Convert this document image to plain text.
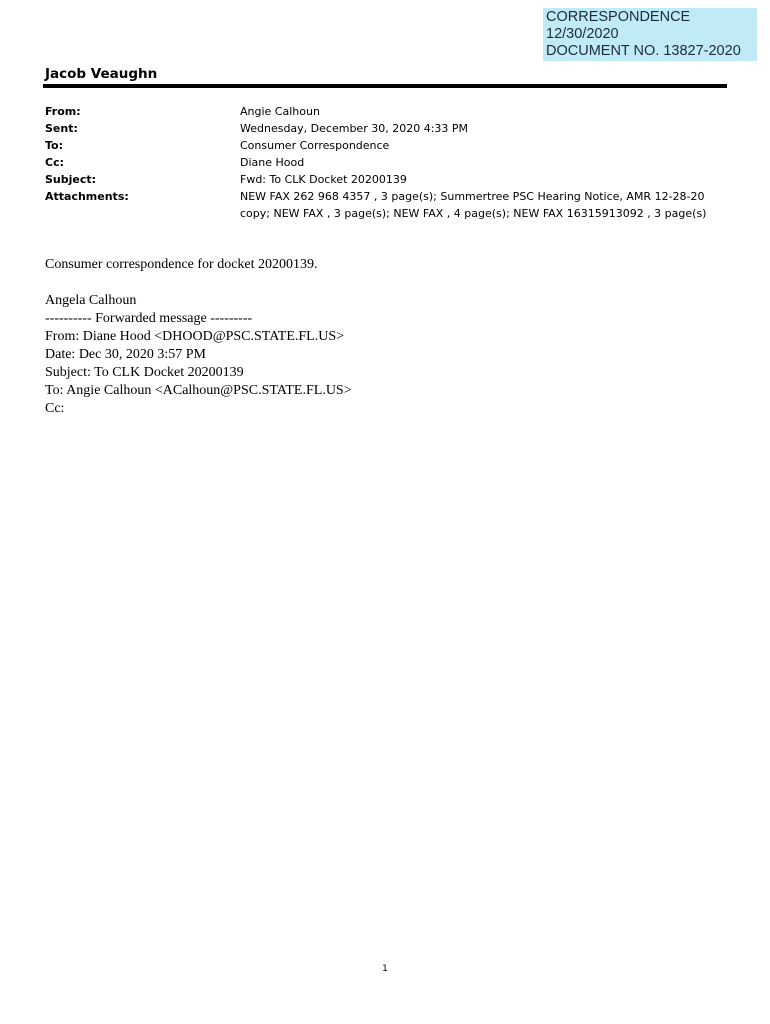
CORRESPONDENCE
12/30/2020
DOCUMENT NO. 13827-2020
Jacob Veaughn
From:	Angie Calhoun
Sent:	Wednesday, December 30, 2020 4:33 PM
To:	Consumer Correspondence
Cc:	Diane Hood
Subject:	Fwd: To CLK Docket 20200139
Attachments:	NEW FAX 262 968 4357 , 3 page(s); Summertree PSC Hearing Notice, AMR 12-28-20 copy; NEW FAX , 3 page(s); NEW FAX , 4 page(s); NEW FAX 16315913092 , 3 page(s)

Consumer correspondence for docket 20200139.

Angela Calhoun

---------- Forwarded message ---------

From: Diane Hood <DHOOD@PSC.STATE.FL.US>

Date: Dec 30, 2020 3:57 PM

Subject: To CLK Docket 20200139

To: Angie Calhoun <ACalhoun@PSC.STATE.FL.US>

Cc:

1
